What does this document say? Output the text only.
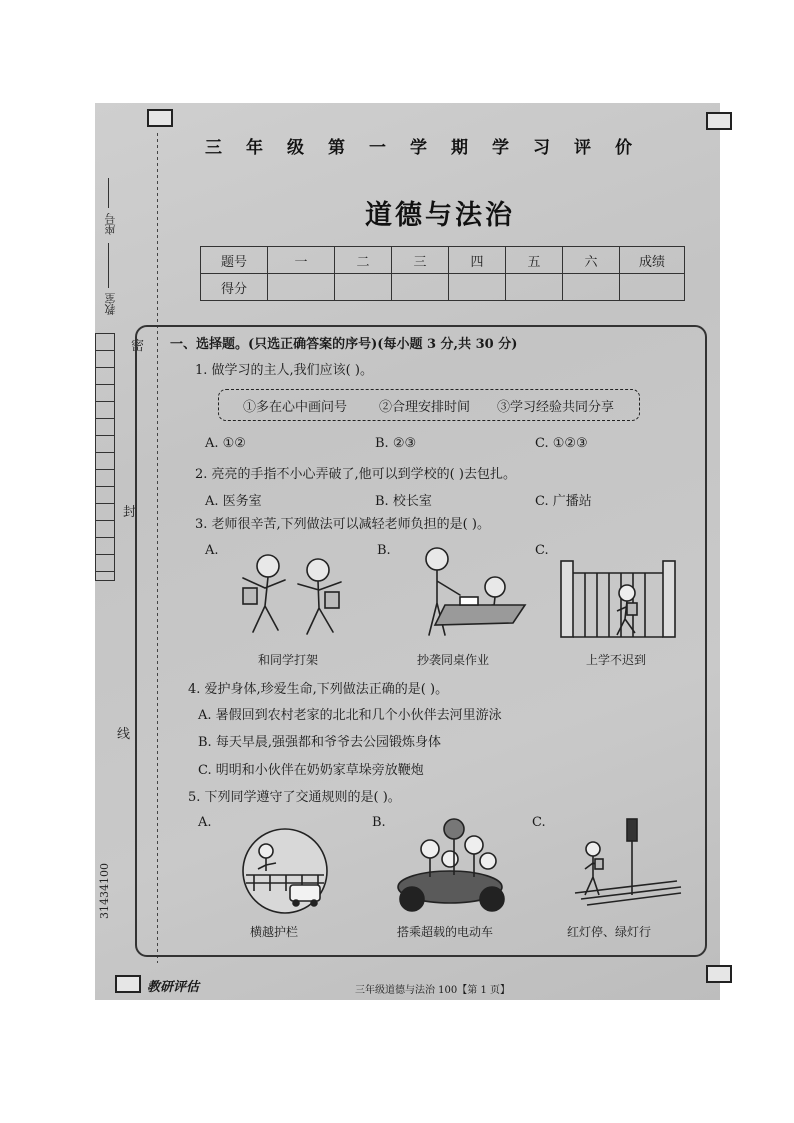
座号
教室
密
封
线
31434100
三年级第一学期学习评价
道德与法治
题号	一	二	三	四	五	六	成绩
得分							
一、选择题。(只选正确答案的序号)(每小题 3 分,共 30 分)
1. 做学习的主人,我们应该( )。
①多在心中画问号 ②合理安排时间 ③学习经验共同分享
A. ①②	B. ②③	C. ①②③
2. 亮亮的手指不小心弄破了,他可以到学校的( )去包扎。
A. 医务室	B. 校长室	C. 广播站
3. 老师很辛苦,下列做法可以减轻老师负担的是( )。
A.	B.	C.
和同学打架	抄袭同桌作业	上学不迟到
4. 爱护身体,珍爱生命,下列做法正确的是( )。
A. 暑假回到农村老家的北北和几个小伙伴去河里游泳
B. 每天早晨,强强都和爷爷去公园锻炼身体
C. 明明和小伙伴在奶奶家草垛旁放鞭炮
5. 下列同学遵守了交通规则的是( )。
A.	B.	C.
横越护栏	搭乘超载的电动车	红灯停、绿灯行
教研评估	三年级道德与法治 100【第 1 页】
